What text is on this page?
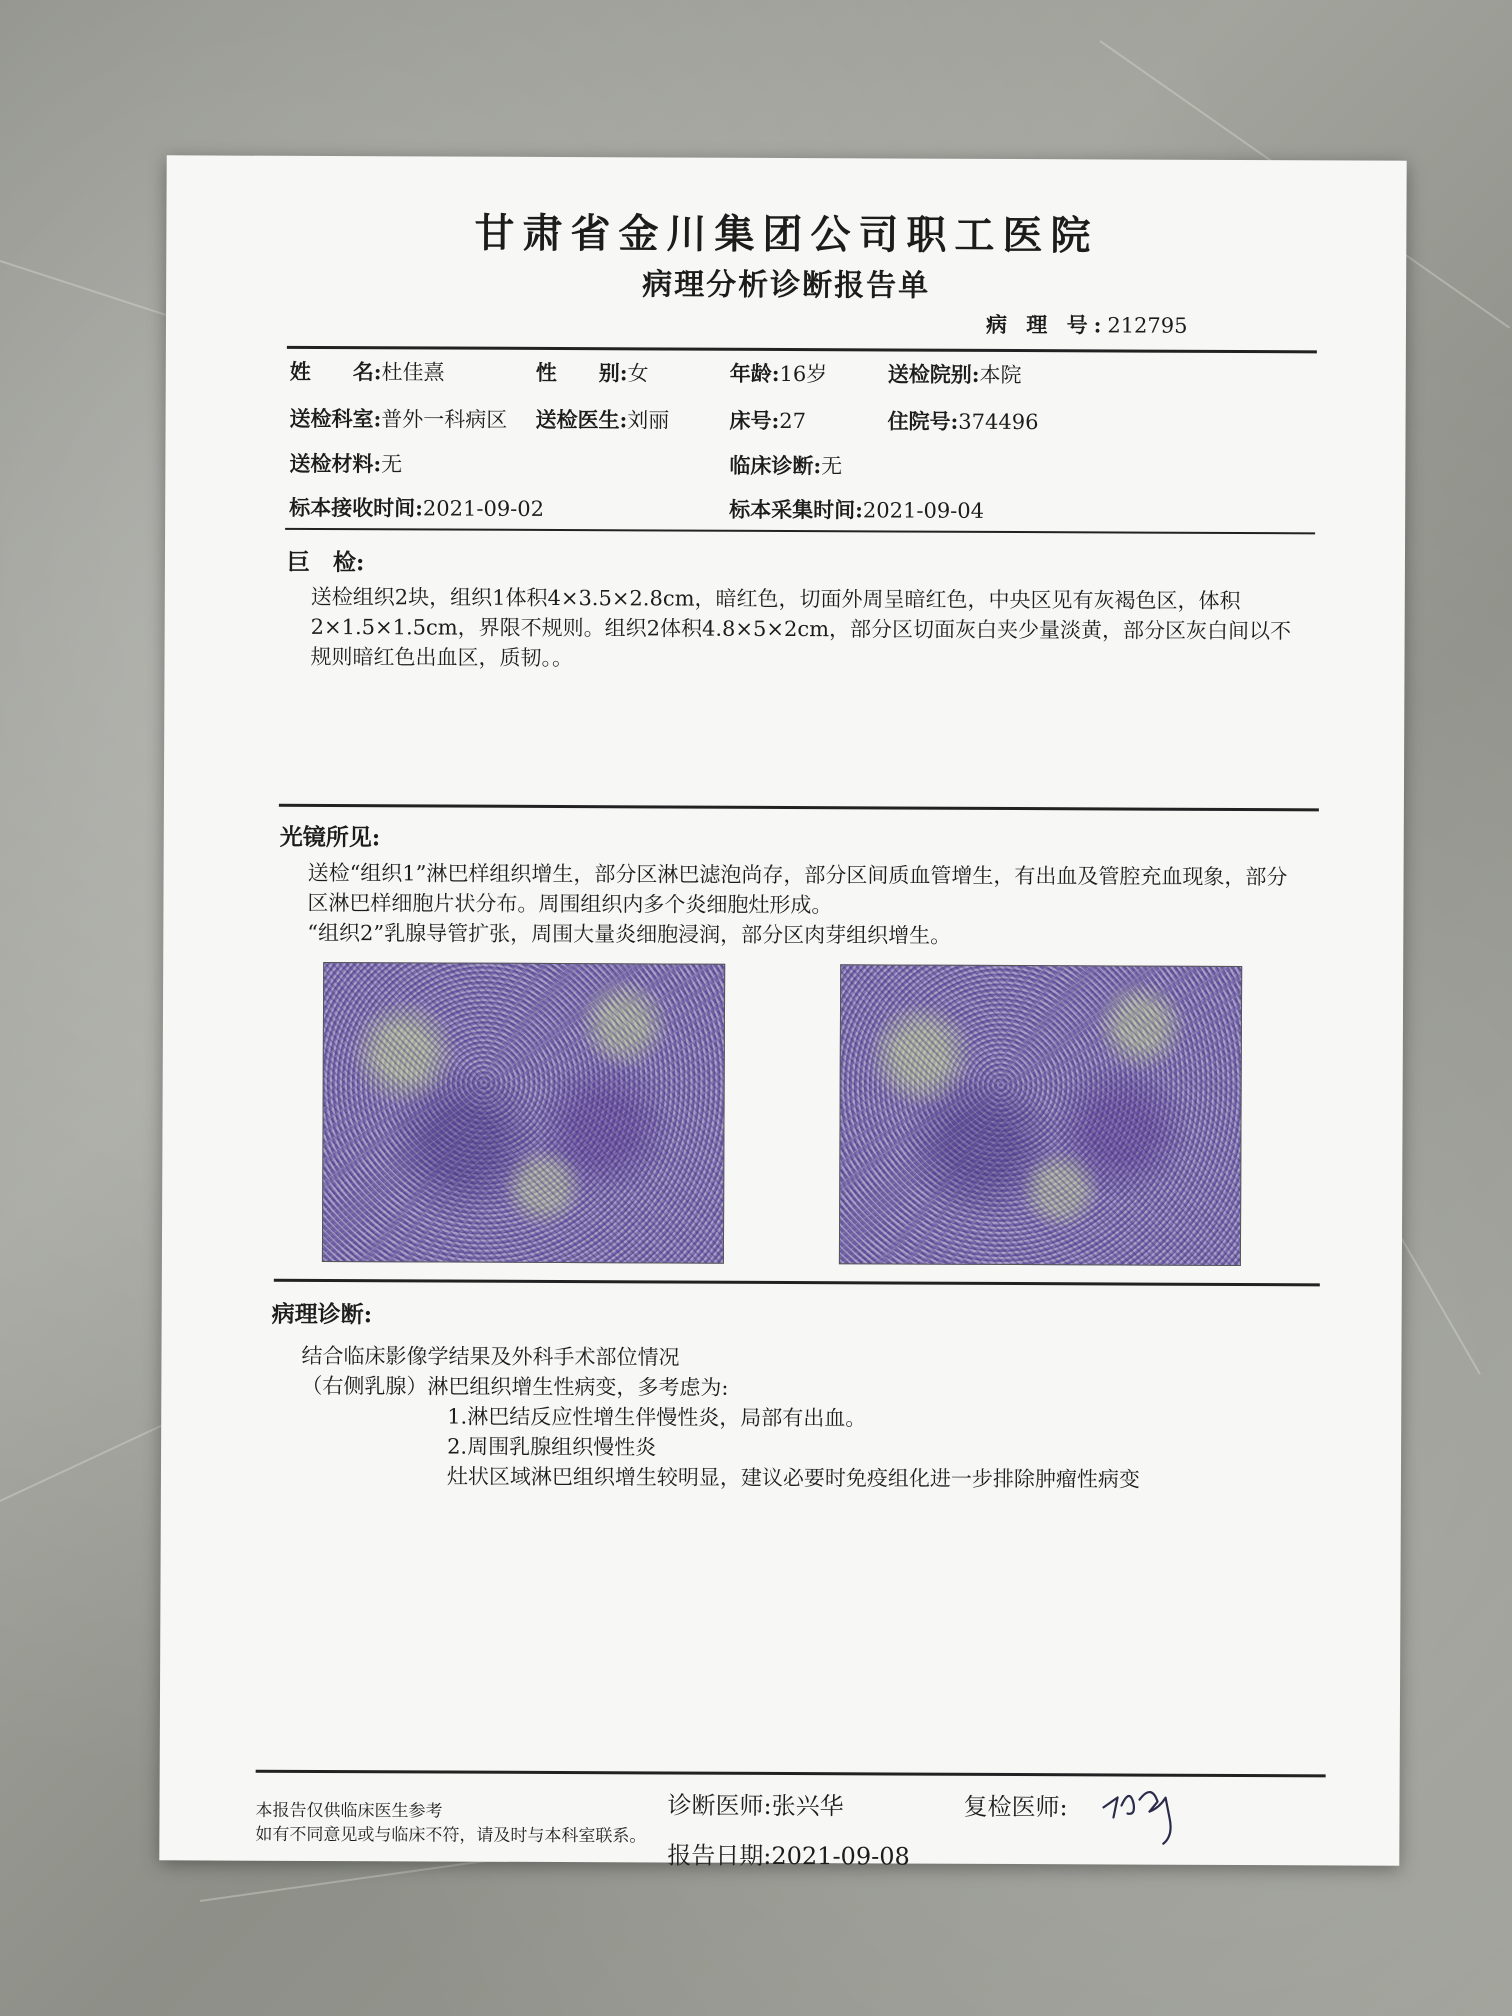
甘肃省金川集团公司职工医院
病理分析诊断报告单
病 理 号:212795
姓　　名:杜佳熹	性　　别:女	年龄:16岁	送检院别:本院
送检科室:普外一科病区 送检医生:刘丽	床号:27	住院号:374496
送检材料:无	临床诊断:无
标本接收时间:2021-09-02	标本采集时间:2021-09-04
巨　检:
送检组织2块，组织1体积4×3.5×2.8cm，暗红色，切面外周呈暗红色，中央区见有灰褐色区，体积2×1.5×1.5cm，界限不规则。组织2体积4.8×5×2cm，部分区切面灰白夹少量淡黄，部分区灰白间以不规则暗红色出血区，质韧。。
光镜所见:
送检“组织1”淋巴样组织增生，部分区淋巴滤泡尚存，部分区间质血管增生，有出血及管腔充血现象，部分区淋巴样细胞片状分布。周围组织内多个炎细胞灶形成。
“组织2”乳腺导管扩张，周围大量炎细胞浸润，部分区肉芽组织增生。
病理诊断:
结合临床影像学结果及外科手术部位情况
（右侧乳腺）淋巴组织增生性病变，多考虑为:
1.淋巴结反应性增生伴慢性炎，局部有出血。
2.周围乳腺组织慢性炎
灶状区域淋巴组织增生较明显，建议必要时免疫组化进一步排除肿瘤性病变
本报告仅供临床医生参考
如有不同意见或与临床不符，请及时与本科室联系。
诊断医师:张兴华	复检医师:
报告日期:2021-09-08
